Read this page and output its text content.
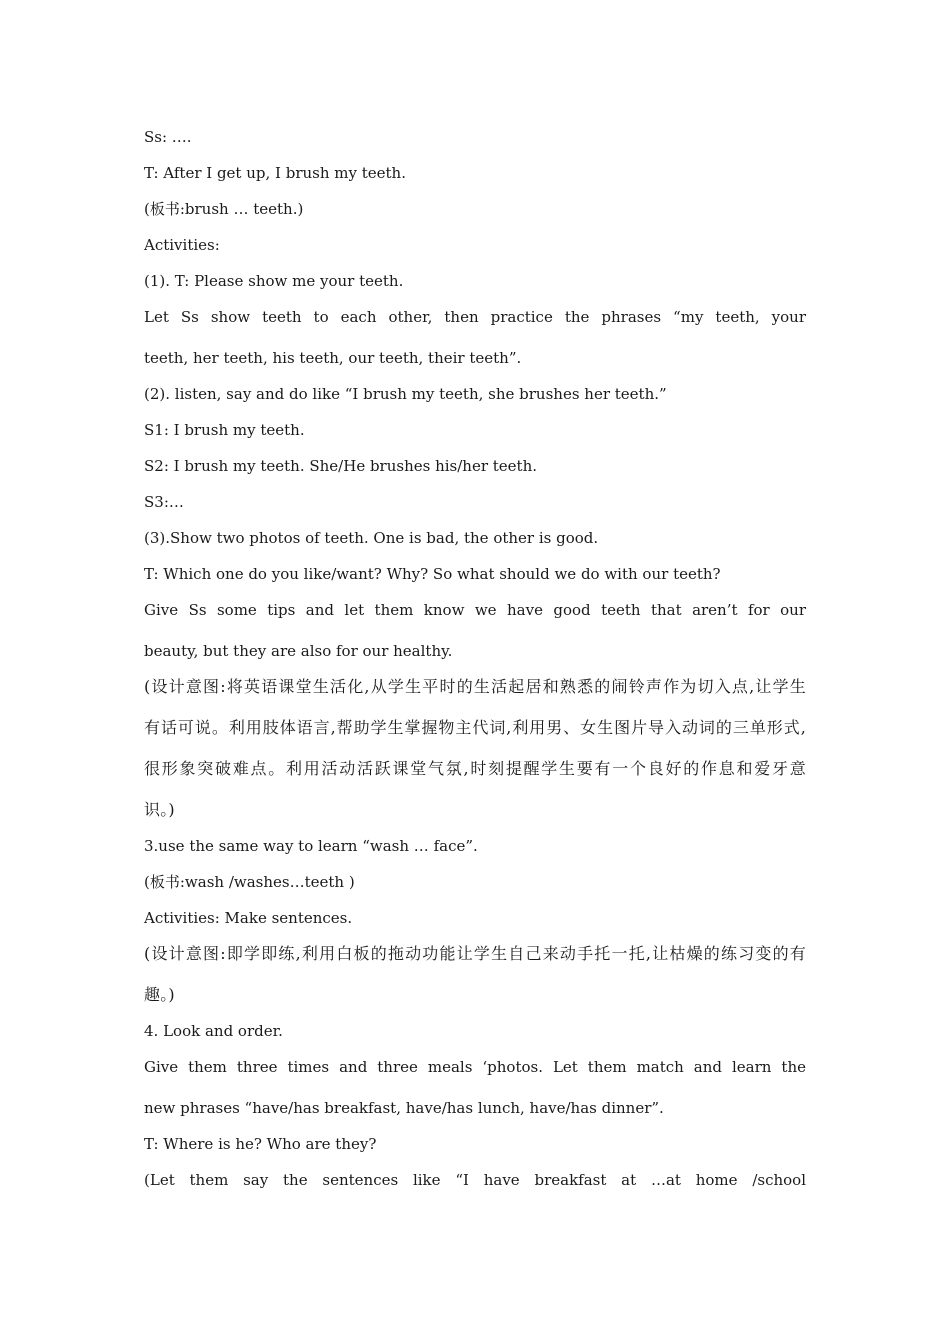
Ss: ….

T: After I get up, I brush my teeth.

(板书:brush … teeth.)

Activities:

(1). T: Please show me your teeth.

Let Ss show teeth to each other, then practice the phrases “my teeth, your

teeth, her teeth, his teeth, our teeth, their teeth”.

(2). listen, say and do like “I brush my teeth, she brushes her teeth.”

S1: I brush my teeth.

S2: I brush my teeth. She/He brushes his/her teeth.

S3:…

(3).Show two photos of teeth. One is bad, the other is good.

T: Which one do you like/want? Why? So what should we do with our teeth?

Give Ss some tips and let them know we have good teeth that aren’t for our

beauty, but they are also for our healthy.

(设计意图:将英语课堂生活化,从学生平时的生活起居和熟悉的闹铃声作为切入点,让学生

有话可说。利用肢体语言,帮助学生掌握物主代词,利用男、女生图片导入动词的三单形式,

很形象突破难点。利用活动活跃课堂气氛,时刻提醒学生要有一个良好的作息和爱牙意

识。)

3.use the same way to learn “wash … face”.

(板书:wash /washes…teeth )

Activities: Make sentences.

(设计意图:即学即练,利用白板的拖动功能让学生自己来动手托一托,让枯燥的练习变的有

趣。)

4. Look and order.

Give them three times and three meals ‘photos. Let them match and learn the

new phrases “have/has breakfast, have/has lunch, have/has dinner”.

T: Where is he? Who are they?

(Let them say the sentences like “I have breakfast at …at home /school
